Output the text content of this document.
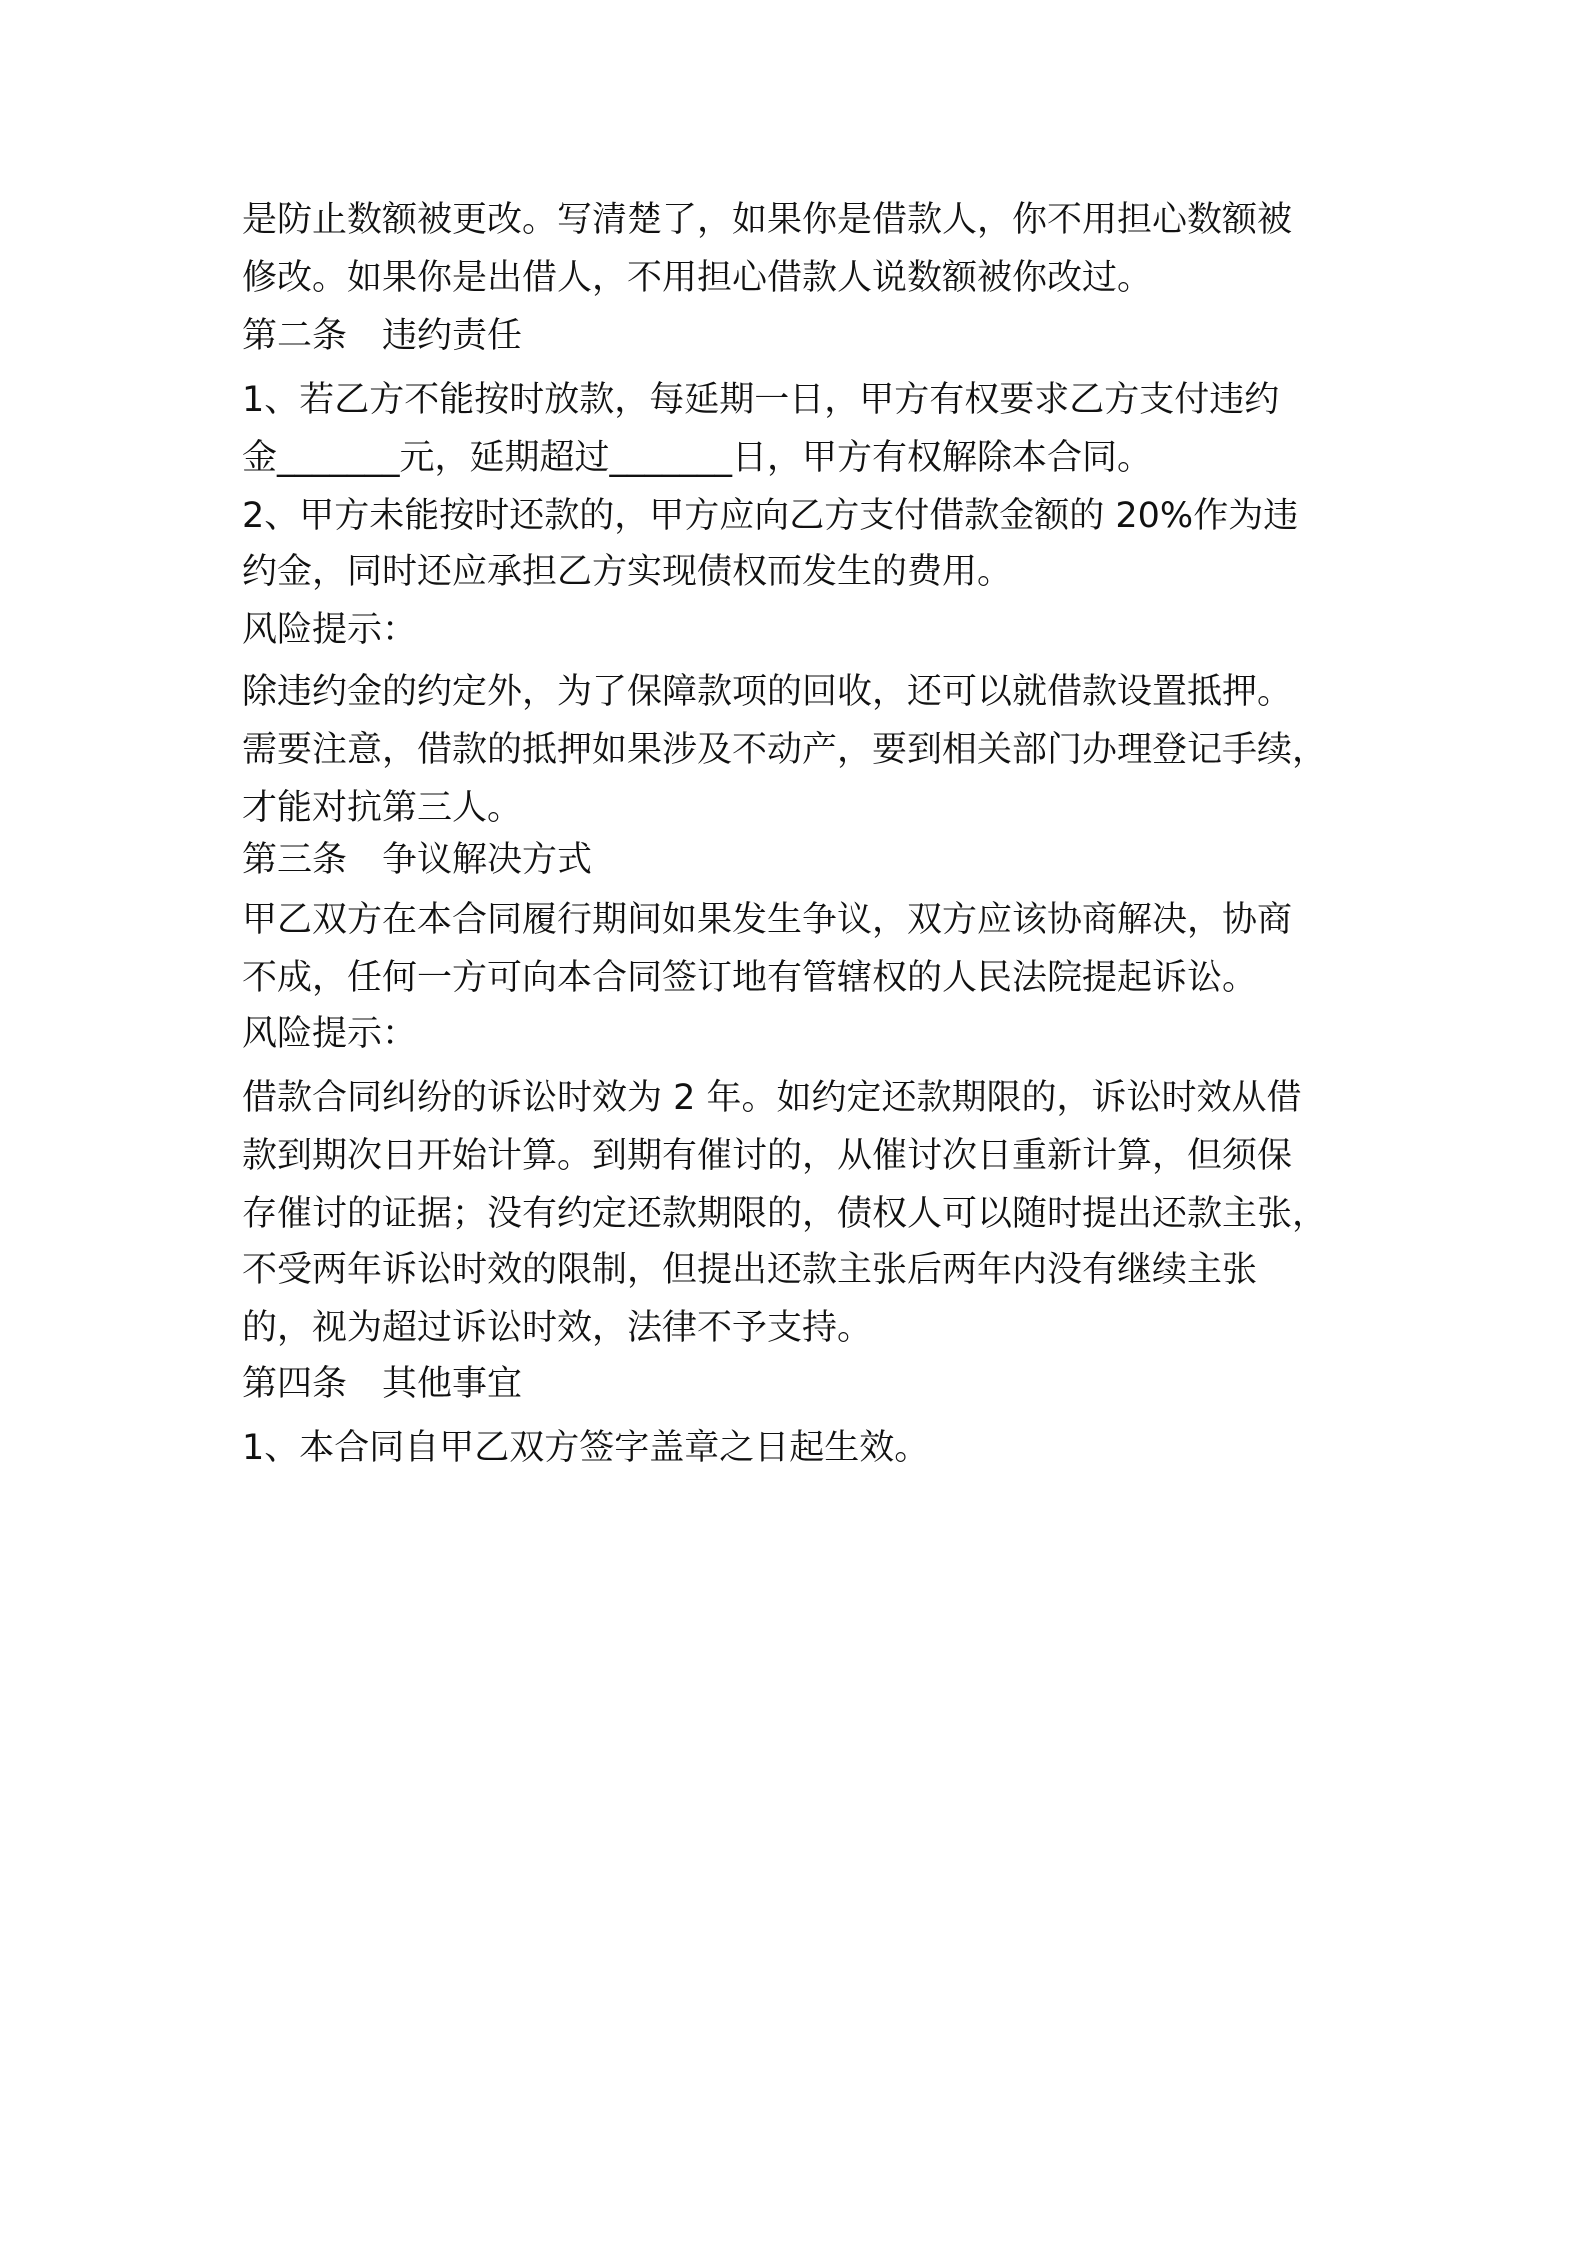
是防止数额被更改。写清楚了，如果你是借款人，你不用担心数额被

修改。如果你是出借人，不用担心借款人说数额被你改过。

第二条　违约责任

1、若乙方不能按时放款，每延期一日，甲方有权要求乙方支付违约

金_______元，延期超过_______日，甲方有权解除本合同。

2、甲方未能按时还款的，甲方应向乙方支付借款金额的 20%作为违

约金，同时还应承担乙方实现债权而发生的费用。

风险提示：

除违约金的约定外，为了保障款项的回收，还可以就借款设置抵押。

需要注意，借款的抵押如果涉及不动产，要到相关部门办理登记手续，

才能对抗第三人。

第三条　争议解决方式

甲乙双方在本合同履行期间如果发生争议，双方应该协商解决，协商

不成，任何一方可向本合同签订地有管辖权的人民法院提起诉讼。

风险提示：

借款合同纠纷的诉讼时效为 2 年。如约定还款期限的，诉讼时效从借

款到期次日开始计算。到期有催讨的，从催讨次日重新计算，但须保

存催讨的证据；没有约定还款期限的，债权人可以随时提出还款主张，

不受两年诉讼时效的限制，但提出还款主张后两年内没有继续主张

的，视为超过诉讼时效，法律不予支持。

第四条　其他事宜

1、本合同自甲乙双方签字盖章之日起生效。
